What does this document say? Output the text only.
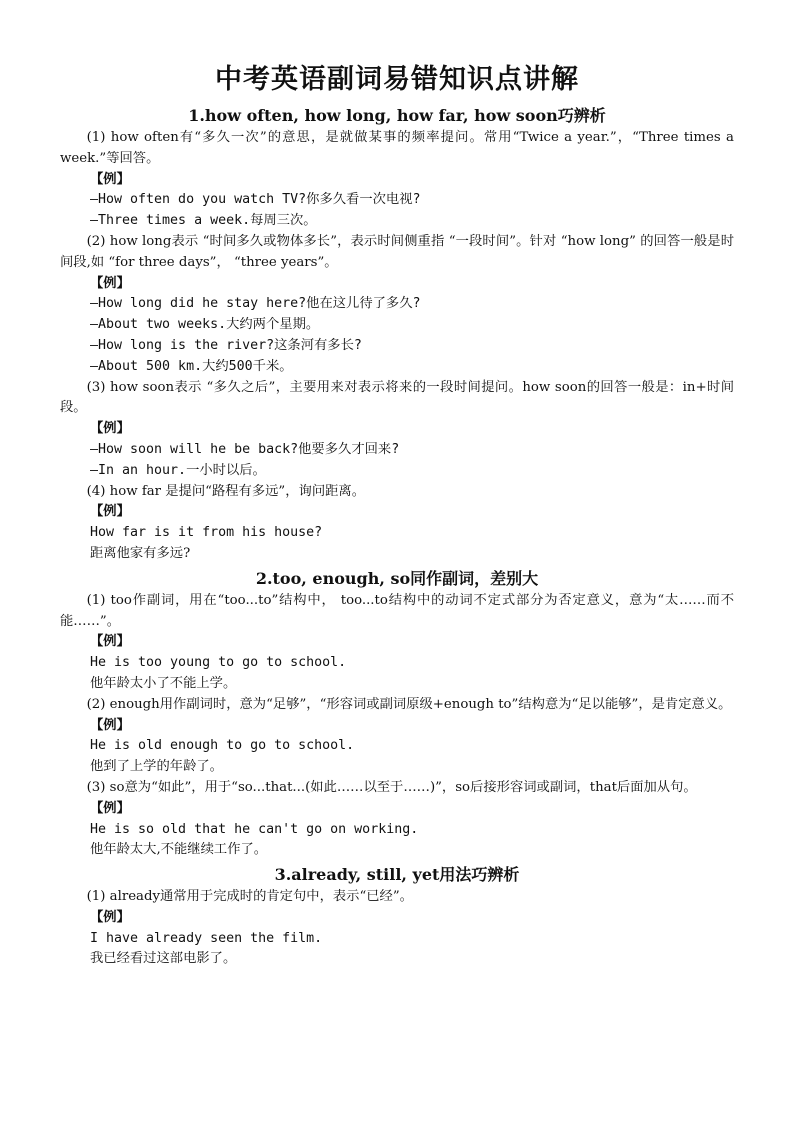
中考英语副词易错知识点讲解
1.how often, how long, how far, how soon巧辨析

(1) how often有“多久一次”的意思，是就做某事的频率提问。常用“Twice a year.”，“Three times a week.”等回答。

【例】

—How often do you watch TV?你多久看一次电视?

—Three times a week.每周三次。

(2) how long表示 “时间多久或物体多长”，表示时间侧重指 “一段时间”。针对 “how long” 的回答一般是时间段,如 “for three days”， “three years”。

【例】

—How long did he stay here?他在这儿待了多久?

—About two weeks.大约两个星期。

—How long is the river?这条河有多长?

—About 500 km.大约500千米。

(3) how soon表示 “多久之后”，主要用来对表示将来的一段时间提问。how soon的回答一般是：in+时间段。

【例】

—How soon will he be back?他要多久才回来?

—In an hour.一小时以后。

(4) how far 是提问“路程有多远”，询问距离。

【例】

How far is it from his house?

距离他家有多远?

2.too, enough, so同作副词，差别大

(1) too作副词，用在“too...to”结构中， too...to结构中的动词不定式部分为否定意义，意为“太……而不能……”。

【例】

He is too young to go to school.

他年龄太小了不能上学。

(2) enough用作副词时，意为“足够”，“形容词或副词原级+enough to”结构意为“足以能够”，是肯定意义。

【例】

He is old enough to go to school.

他到了上学的年龄了。

(3) so意为“如此”，用于“so...that...(如此……以至于……)”，so后接形容词或副词，that后面加从句。

【例】

He is so old that he can't go on working.

他年龄太大,不能继续工作了。

3.already, still, yet用法巧辨析

(1) already通常用于完成时的肯定句中，表示“已经”。

【例】

I have already seen the film.

我已经看过这部电影了。
